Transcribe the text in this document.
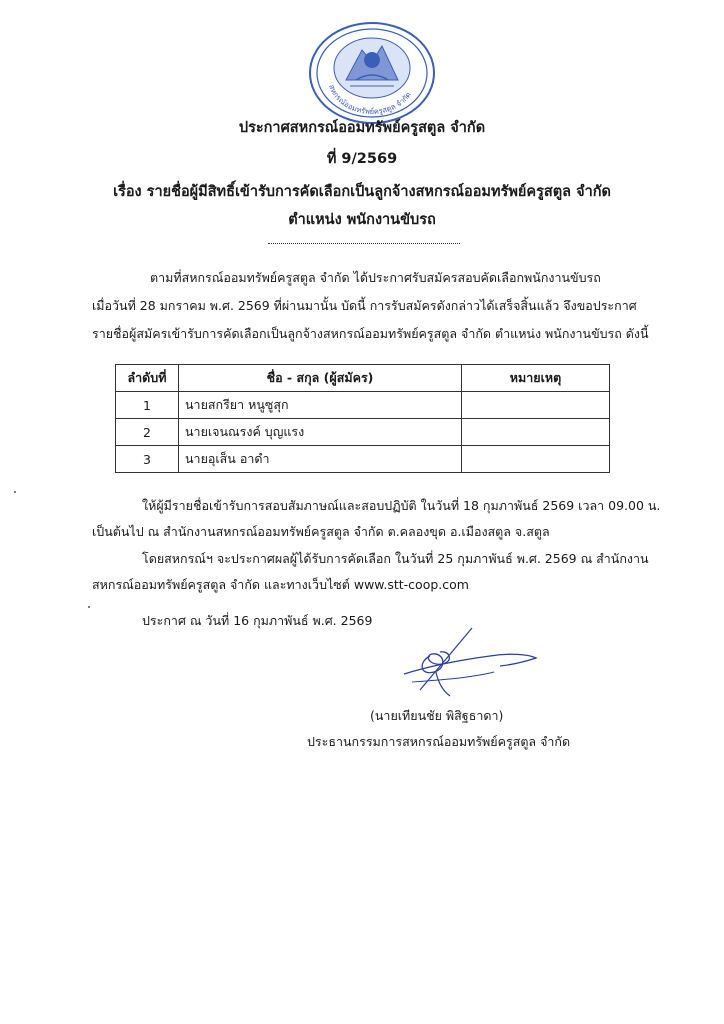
สหกรณ์ออมทรัพย์ครูสตูล จำกัด
ประกาศสหกรณ์ออมทรัพย์ครูสตูล จำกัด
ที่ 9/2569
เรื่อง รายชื่อผู้มีสิทธิ์เข้ารับการคัดเลือกเป็นลูกจ้างสหกรณ์ออมทรัพย์ครูสตูล จำกัด
ตำแหน่ง พนักงานขับรถ
ตามที่สหกรณ์ออมทรัพย์ครูสตูล จำกัด ได้ประกาศรับสมัครสอบคัดเลือกพนักงานขับรถ
เมื่อวันที่ 28 มกราคม พ.ศ. 2569 ที่ผ่านมานั้น บัดนี้ การรับสมัครดังกล่าวได้เสร็จสิ้นแล้ว จึงขอประกาศ
รายชื่อผู้สมัครเข้ารับการคัดเลือกเป็นลูกจ้างสหกรณ์ออมทรัพย์ครูสตูล จำกัด ตำแหน่ง พนักงานขับรถ ดังนี้
ลำดับที่	ชื่อ - สกุล (ผู้สมัคร)	หมายเหตุ
1	นายสกรียา หนูซูสุก	
2	นายเจนณรงค์ บุญแรง	
3	นายอุเส็น อาดำ	
ให้ผู้มีรายชื่อเข้ารับการสอบสัมภาษณ์และสอบปฏิบัติ ในวันที่ 18 กุมภาพันธ์ 2569 เวลา 09.00 น.
เป็นต้นไป ณ สำนักงานสหกรณ์ออมทรัพย์ครูสตูล จำกัด ต.คลองขุด อ.เมืองสตูล จ.สตูล
โดยสหกรณ์ฯ จะประกาศผลผู้ได้รับการคัดเลือก ในวันที่ 25 กุมภาพันธ์ พ.ศ. 2569 ณ สำนักงาน
สหกรณ์ออมทรัพย์ครูสตูล จำกัด และทางเว็บไซต์ www.stt-coop.com
ประกาศ ณ วันที่ 16 กุมภาพันธ์ พ.ศ. 2569
(นายเทียนชัย พิสิฐธาดา)
ประธานกรรมการสหกรณ์ออมทรัพย์ครูสตูล จำกัด
